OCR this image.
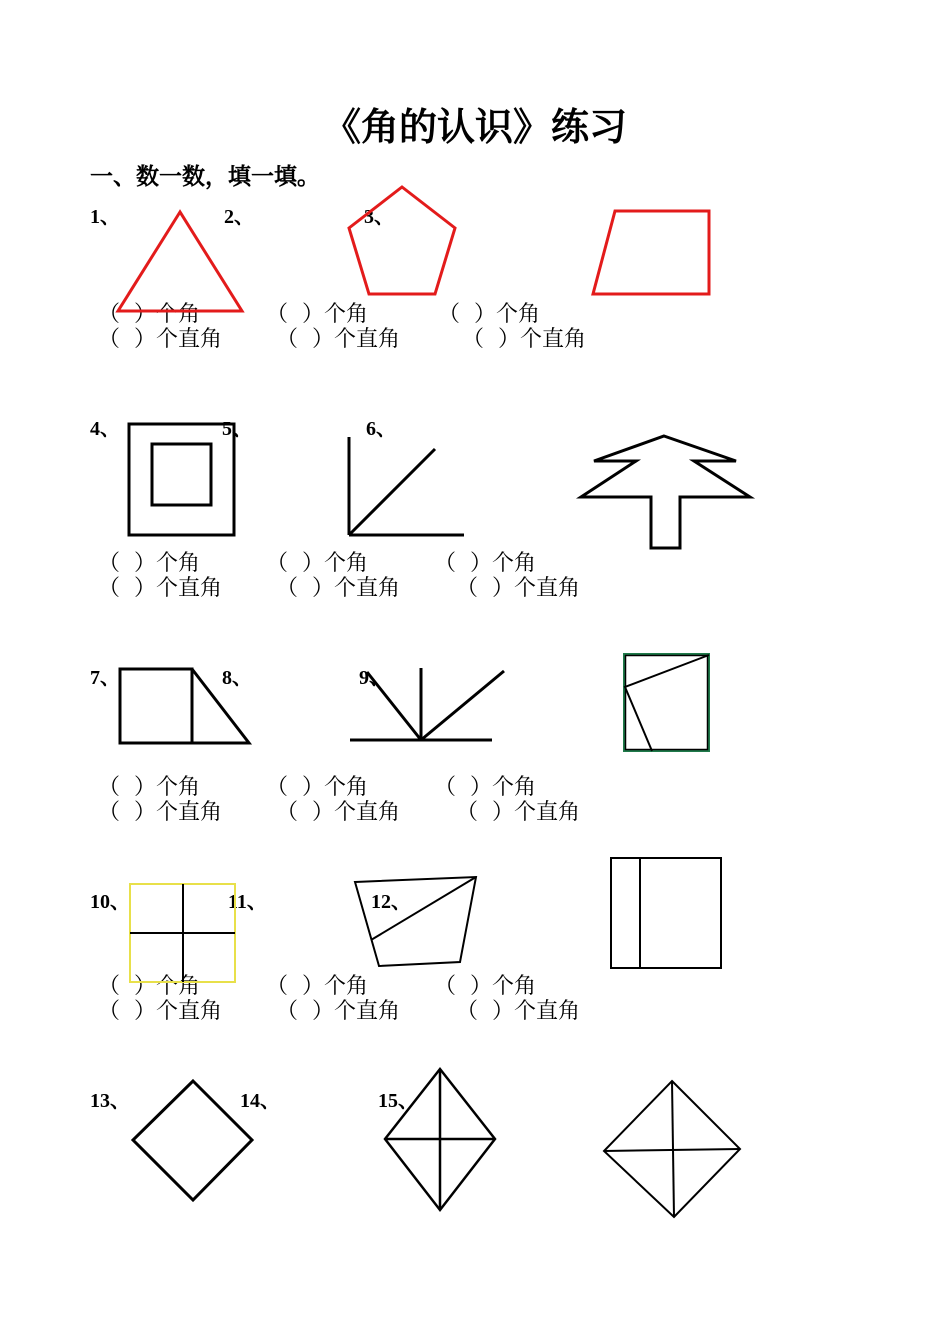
《角的认识》练习
一、数一数，填一填。
1、	2、	3、
4、	5、	6、
7、	8、	9、
10、	11、	12、
13、	14、	15、
（  ）个角	（  ）个角	（  ）个角
（  ）个直角 （  ）个直角	（  ）个直角
（  ）个角	（  ）个角	（  ）个角
（  ）个直角 （  ）个直角	（  ）个直角
（  ）个角	（  ）个角	（  ）个角
（  ）个直角 （  ）个直角	（  ）个直角
（  ）个角	（  ）个角	（  ）个角
（  ）个直角 （  ）个直角	（  ）个直角
